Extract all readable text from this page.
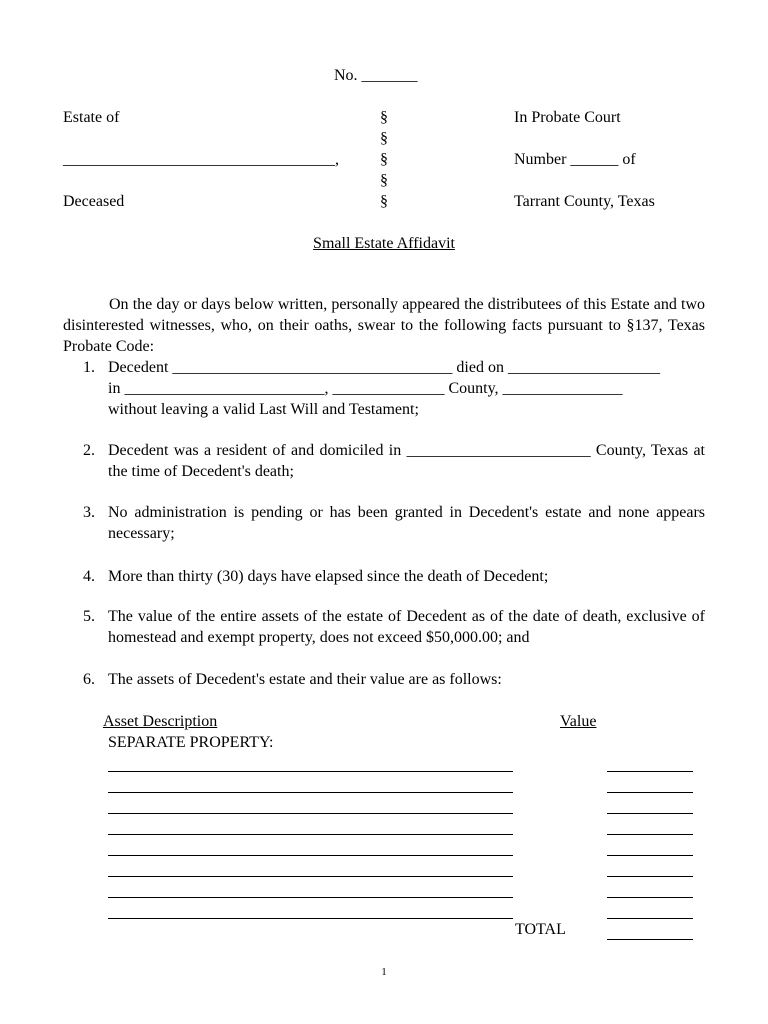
No. _______
Estate of
__________________________________,
Deceased
§
§
§
§
§
In Probate Court
Number ______ of
Tarrant County, Texas
Small Estate Affidavit
On the day or days below written, personally appeared the distributees of this Estate and two disinterested witnesses, who, on their oaths, swear to the following facts pursuant to §137, Texas Probate Code:
1. Decedent ___________________________________ died on ___________________
in _________________________, ______________ County, _______________
without leaving a valid Last Will and Testament;
2. Decedent was a resident of and domiciled in _______________________ County, Texas at the time of Decedent's death;
3. No administration is pending or has been granted in Decedent's estate and none appears necessary;
4. More than thirty (30) days have elapsed since the death of Decedent;
5. The value of the entire assets of the estate of Decedent as of the date of death, exclusive of homestead and exempt property, does not exceed $50,000.00; and
6. The assets of Decedent's estate and their value are as follows:
Asset Description	Value
SEPARATE PROPERTY:
TOTAL
1
